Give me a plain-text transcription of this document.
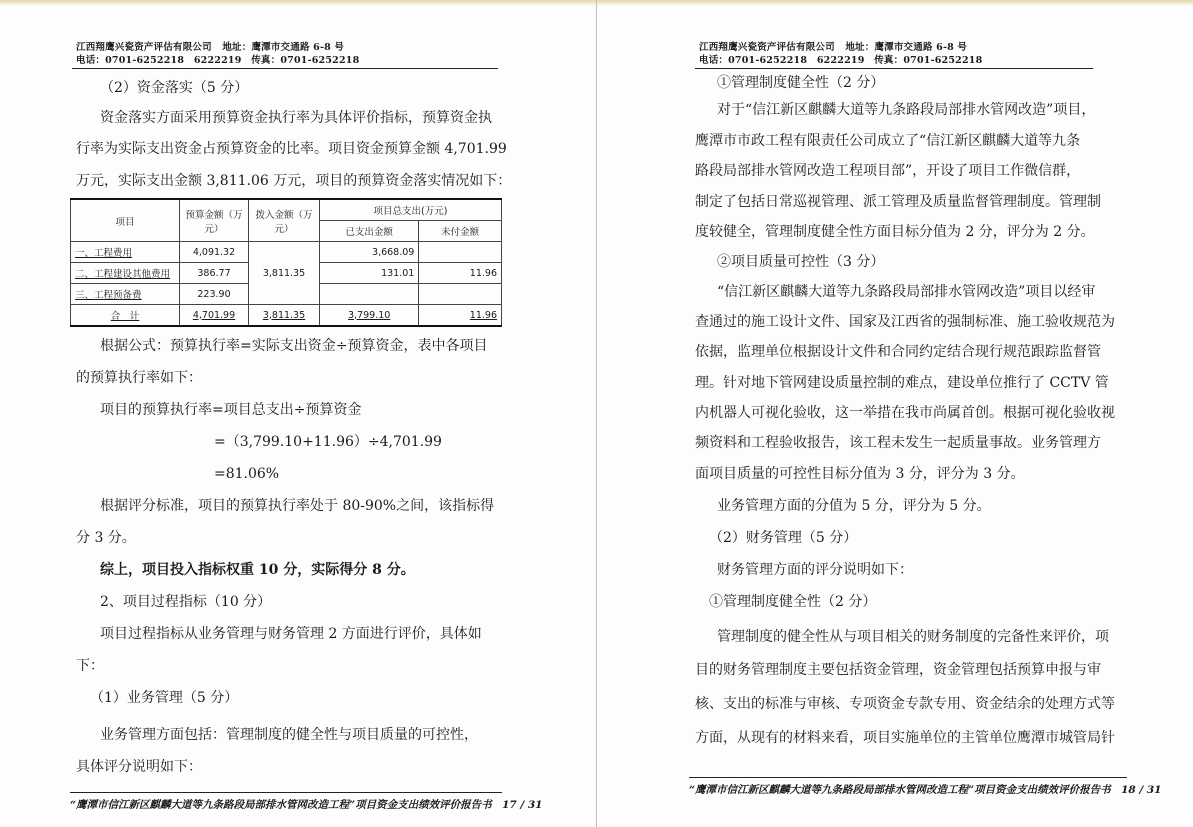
江西翔鹰兴瓷资产评估有限公司 地址：鹰潭市交通路 6-8 号
电话：0701-6252218　6222219　传真：0701-6252218
（2）资金落实（5 分）
资金落实方面采用预算资金执行率为具体评价指标，预算资金执
行率为实际支出资金占预算资金的比率。项目资金预算金额 4,701.99
万元，实际支出金额 3,811.06 万元，项目的预算资金落实情况如下：
项目	预算金额（万元）	拨入金额（万元）	项目总支出(万元)	
			已支出金额	未付金额
一、工程费用	4,091.32	3,811.35	3,668.09	
二、工程建设其他费用	386.77		131.01	11.96
三、工程预备费	223.90			
合　计	4,701.99	3,811.35	3,799.10	11.96
根据公式：预算执行率=实际支出资金÷预算资金，表中各项目
的预算执行率如下：
项目的预算执行率=项目总支出÷预算资金
=（3,799.10+11.96）÷4,701.99
=81.06%
根据评分标准，项目的预算执行率处于 80-90%之间，该指标得
分 3 分。
综上，项目投入指标权重 10 分，实际得分 8 分。
2、项目过程指标（10 分）
项目过程指标从业务管理与财务管理 2 方面进行评价，具体如
下：
（1）业务管理（5 分）
业务管理方面包括：管理制度的健全性与项目质量的可控性，
具体评分说明如下：
“鹰潭市信江新区麒麟大道等九条路段局部排水管网改造工程”项目资金支出绩效评价报告书　17 / 31
江西翔鹰兴瓷资产评估有限公司 地址：鹰潭市交通路 6-8 号
电话：0701-6252218　6222219　传真：0701-6252218
①管理制度健全性（2 分）
对于“信江新区麒麟大道等九条路段局部排水管网改造”项目，
鹰潭市市政工程有限责任公司成立了“信江新区麒麟大道等九条
路段局部排水管网改造工程项目部”，开设了项目工作微信群，
制定了包括日常巡视管理、派工管理及质量监督管理制度。管理制
度较健全，管理制度健全性方面目标分值为 2 分，评分为 2 分。
②项目质量可控性（3 分）
“信江新区麒麟大道等九条路段局部排水管网改造”项目以经审
查通过的施工设计文件、国家及江西省的强制标准、施工验收规范为
依据，监理单位根据设计文件和合同约定结合现行规范跟踪监督管
理。针对地下管网建设质量控制的难点，建设单位推行了 CCTV 管
内机器人可视化验收，这一举措在我市尚属首创。根据可视化验收视
频资料和工程验收报告，该工程未发生一起质量事故。业务管理方
面项目质量的可控性目标分值为 3 分，评分为 3 分。
业务管理方面的分值为 5 分，评分为 5 分。
（2）财务管理（5 分）
财务管理方面的评分说明如下：
①管理制度健全性（2 分）
管理制度的健全性从与项目相关的财务制度的完备性来评价，项
目的财务管理制度主要包括资金管理，资金管理包括预算申报与审
核、支出的标准与审核、专项资金专款专用、资金结余的处理方式等
方面，从现有的材料来看，项目实施单位的主管单位鹰潭市城管局针
“鹰潭市信江新区麒麟大道等九条路段局部排水管网改造工程”项目资金支出绩效评价报告书　18 / 31
